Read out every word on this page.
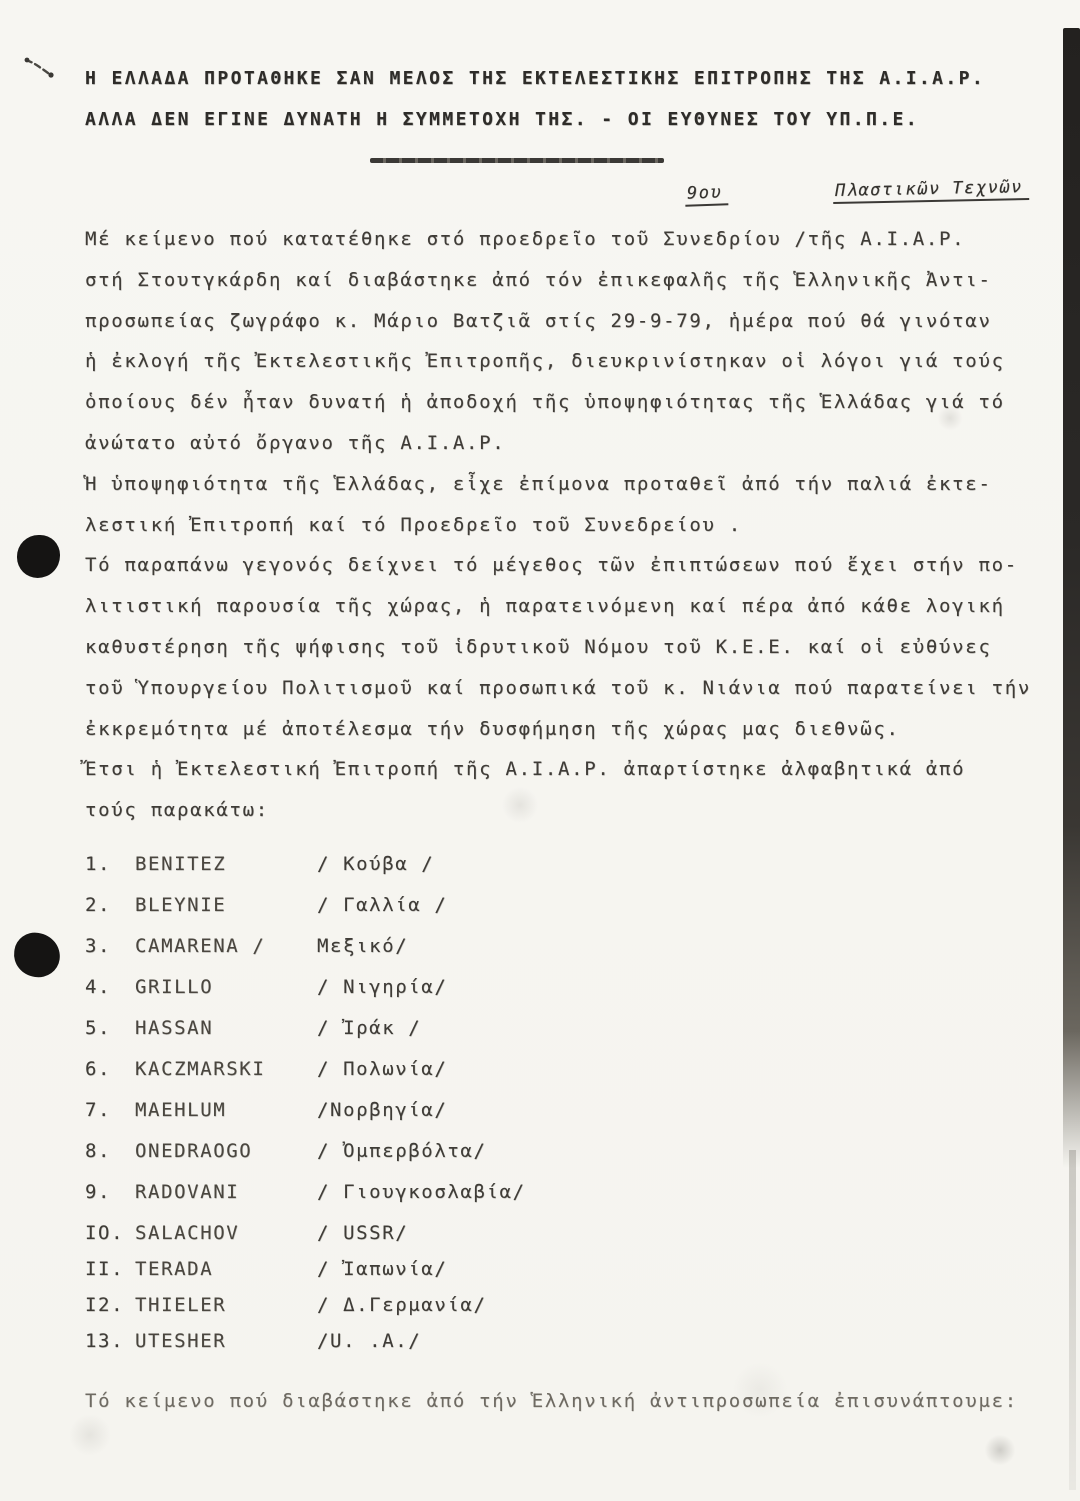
Η ΕΛΛΑΔΑ ΠΡΟΤΑΘΗΚΕ ΣΑΝ ΜΕΛΟΣ ΤΗΣ ΕΚΤΕΛΕΣΤΙΚΗΣ ΕΠΙΤΡΟΠΗΣ ΤΗΣ Α.Ι.Α.Ρ.
ΑΛΛΑ ΔΕΝ ΕΓΙΝΕ ΔΥΝΑΤΗ Η ΣΥΜΜΕΤΟΧΗ ΤΗΣ. - ΟΙ ΕΥΘΥΝΕΣ ΤΟΥ ΥΠ.Π.Ε.
9ου	Πλαστικῶν Τεχνῶν
Μέ κείμενο πού κατατέθηκε στό προεδρεῖο τοῦ Συνεδρίου /τῆς Α.Ι.Α.Ρ.
στή Στουτγκάρδη καί διαβάστηκε ἀπό τόν ἐπικεφαλῆς τῆς Ἑλληνικῆς Ἀντι-
προσωπείας ζωγράφο κ. Μάριο Βατζιᾶ στίς 29-9-79, ἡμέρα πού θά γινόταν
ἡ ἐκλογή τῆς Ἐκτελεστικῆς Ἐπιτροπῆς, διευκρινίστηκαν οἱ λόγοι γιά τούς
ὁποίους δέν ἦταν δυνατή ἡ ἀποδοχή τῆς ὑποψηφιότητας τῆς Ἑλλάδας γιά τό
ἀνώτατο αὐτό ὄργανο τῆς Α.Ι.Α.Ρ.
Ἡ ὑποψηφιότητα τῆς Ἑλλάδας, εἶχε ἐπίμονα προταθεῖ ἀπό τήν παλιά ἐκτε-
λεστική Ἐπιτροπή καί τό Προεδρεῖο τοῦ Συνεδρείου .
Τό παραπάνω γεγονός δείχνει τό μέγεθος τῶν ἐπιπτώσεων πού ἔχει στήν πο-
λιτιστική παρουσία τῆς χώρας, ἡ παρατεινόμενη καί πέρα ἀπό κάθε λογική
καθυστέρηση τῆς ψήφισης τοῦ ἱδρυτικοῦ Νόμου τοῦ Κ.Ε.Ε. καί οἱ εὐθύνες
τοῦ Ὑπουργείου Πολιτισμοῦ καί προσωπικά τοῦ κ. Νιάνια πού παρατείνει τήν
ἐκκρεμότητα μέ ἀποτέλεσμα τήν δυσφήμηση τῆς χώρας μας διεθνῶς.
Ἔτσι ἡ Ἐκτελεστική Ἐπιτροπή τῆς Α.Ι.Α.Ρ. ἀπαρτίστηκε ἀλφαβητικά ἀπό
τούς παρακάτω:
1. BENITEZ	/ Κούβα /
2. BLEYNIE	/ Γαλλία /
3. CAMARENA /	Μεξικό/
4. GRILLO	/ Νιγηρία/
5. HASSAN	/ Ἰράκ /
6. KACZMARSKI	/ Πολωνία/
7. MAEHLUM	/Νορβηγία/
8. ONEDRAOGO	/ Ὀμπερβόλτα/
9. RADOVANI	/ Γιουγκοσλαβία/
IO. SALACHOV	/ USSR/
II. TERADA	/ Ἰαπωνία/
I2. THIELER	/ Δ.Γερμανία/
13. UTESHER	/U. .A./
Τό κείμενο πού διαβάστηκε ἀπό τήν Ἑλληνική ἀντιπροσωπεία ἐπισυνάπτουμε:
